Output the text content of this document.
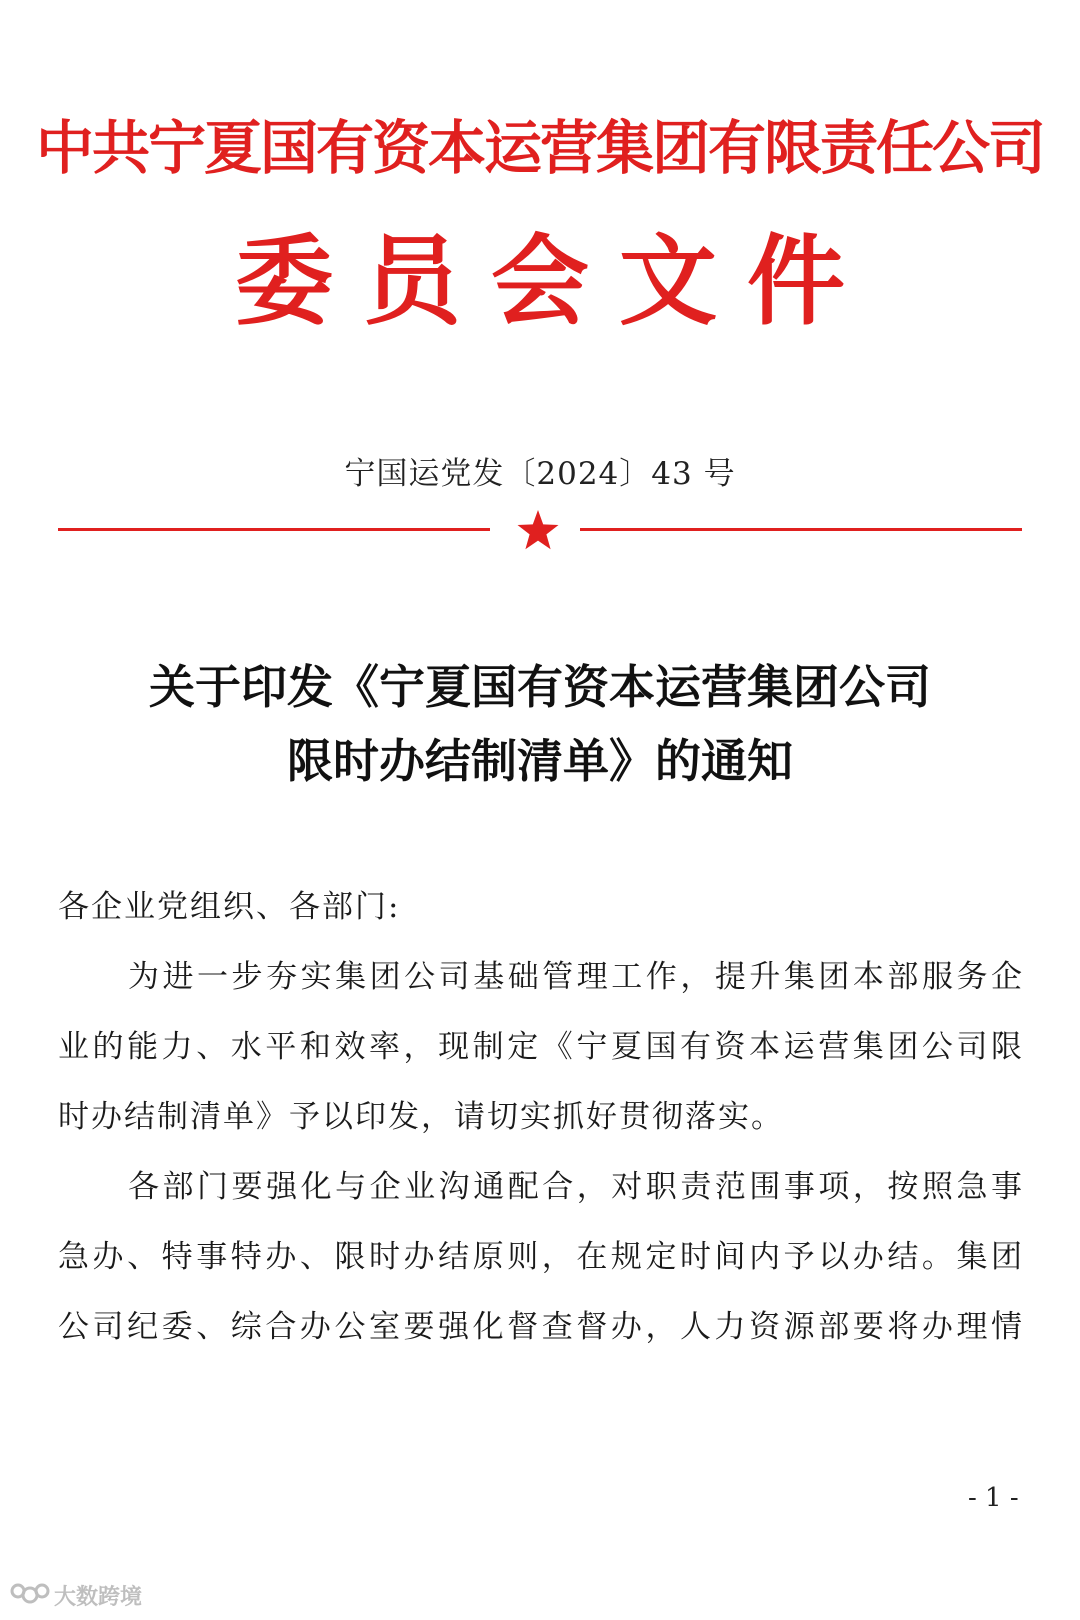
中共宁夏国有资本运营集团有限责任公司
委员会文件
宁国运党发〔2024〕43 号
关于印发《宁夏国有资本运营集团公司
限时办结制清单》的通知
各企业党组织、各部门:
为进一步夯实集团公司基础管理工作，提升集团本部服务企
业的能力、水平和效率，现制定《宁夏国有资本运营集团公司限
时办结制清单》予以印发，请切实抓好贯彻落实。
各部门要强化与企业沟通配合，对职责范围事项，按照急事
急办、特事特办、限时办结原则，在规定时间内予以办结。集团
公司纪委、综合办公室要强化督查督办，人力资源部要将办理情
- 1 -
大数跨境
